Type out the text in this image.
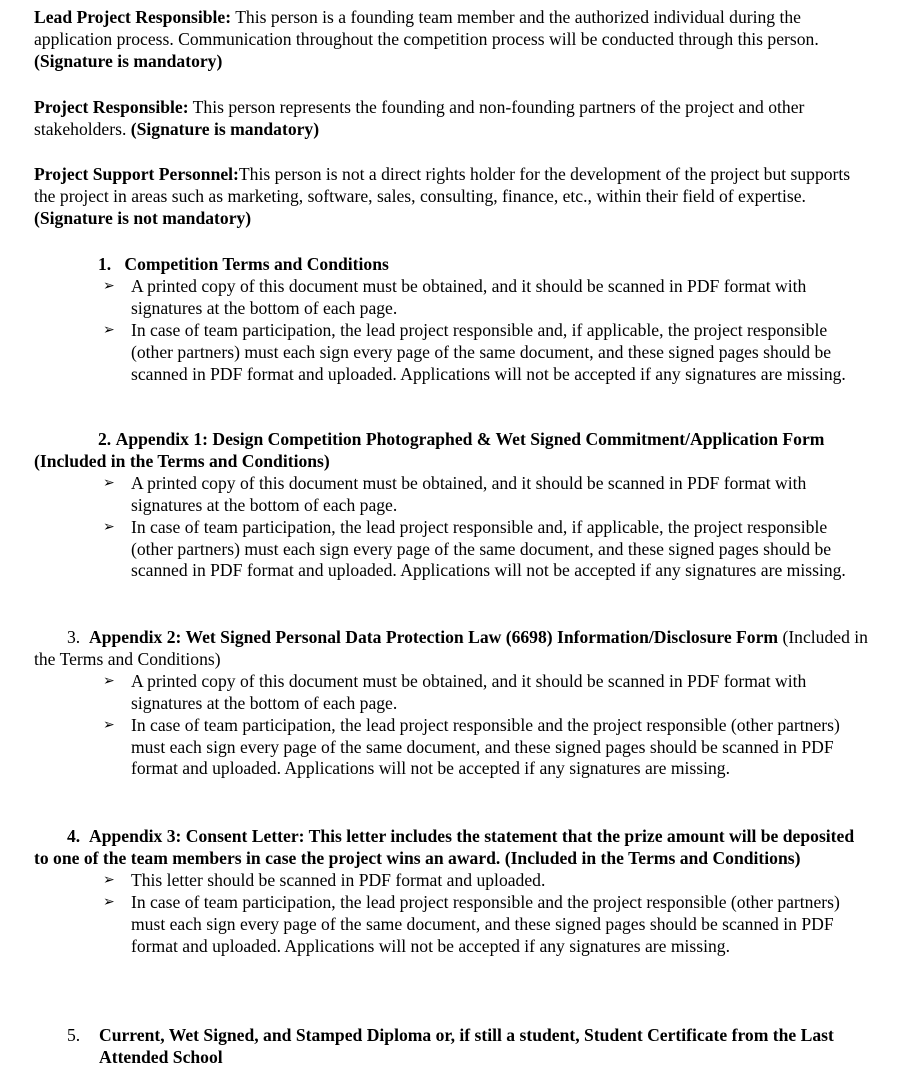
Lead Project Responsible: This person is a founding team member and the authorized individual during the application process. Communication throughout the competition process will be conducted through this person. (Signature is mandatory)

Project Responsible: This person represents the founding and non-founding partners of the project and other stakeholders. (Signature is mandatory)

Project Support Personnel:This person is not a direct rights holder for the development of the project but supports the project in areas such as marketing, software, sales, consulting, finance, etc., within their field of expertise. (Signature is not mandatory)

1. Competition Terms and Conditions

➢ A printed copy of this document must be obtained, and it should be scanned in PDF format with signatures at the bottom of each page.
➢ In case of team participation, the lead project responsible and, if applicable, the project responsible (other partners) must each sign every page of the same document, and these signed pages should be scanned in PDF format and uploaded. Applications will not be accepted if any signatures are missing.

2. Appendix 1: Design Competition Photographed & Wet Signed Commitment/Application Form (Included in the Terms and Conditions)

➢ A printed copy of this document must be obtained, and it should be scanned in PDF format with signatures at the bottom of each page.
➢ In case of team participation, the lead project responsible and, if applicable, the project responsible (other partners) must each sign every page of the same document, and these signed pages should be scanned in PDF format and uploaded. Applications will not be accepted if any signatures are missing.

3. Appendix 2: Wet Signed Personal Data Protection Law (6698) Information/Disclosure Form (Included in the Terms and Conditions)

➢ A printed copy of this document must be obtained, and it should be scanned in PDF format with signatures at the bottom of each page.
➢ In case of team participation, the lead project responsible and the project responsible (other partners) must each sign every page of the same document, and these signed pages should be scanned in PDF format and uploaded. Applications will not be accepted if any signatures are missing.

4. Appendix 3: Consent Letter: This letter includes the statement that the prize amount will be deposited to one of the team members in case the project wins an award. (Included in the Terms and Conditions)

➢ This letter should be scanned in PDF format and uploaded.
➢ In case of team participation, the lead project responsible and the project responsible (other partners) must each sign every page of the same document, and these signed pages should be scanned in PDF format and uploaded. Applications will not be accepted if any signatures are missing.

5. Current, Wet Signed, and Stamped Diploma or, if still a student, Student Certificate from the Last Attended School
